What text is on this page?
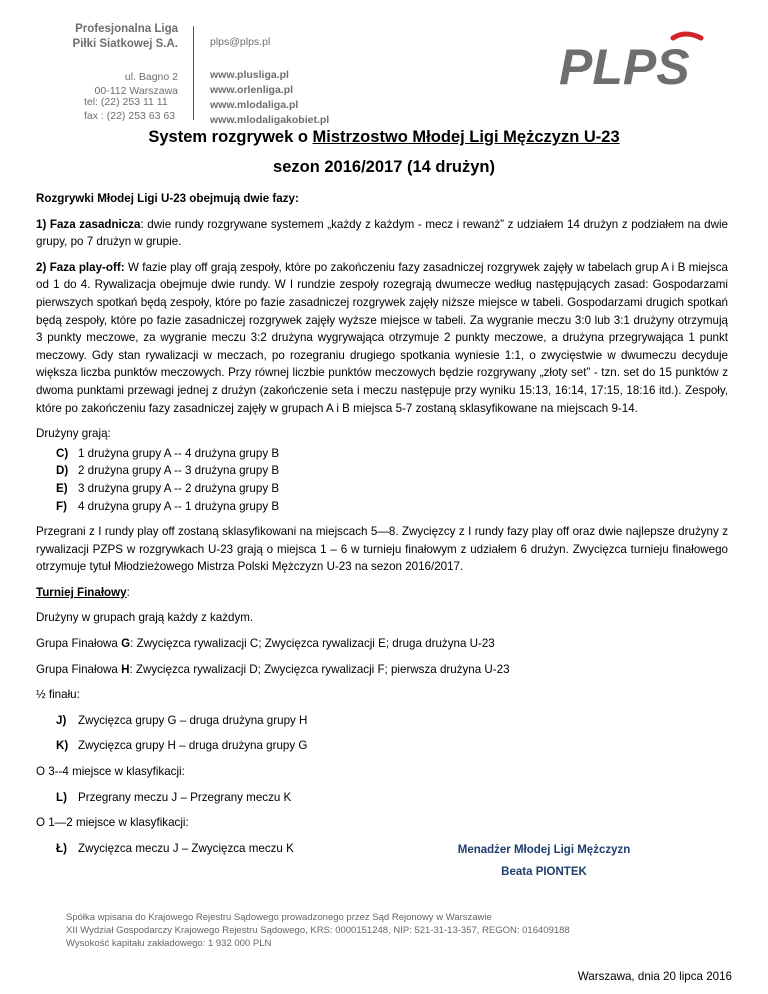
Profesjonalna Liga
Piłki Siatkowej S.A.
ul. Bagno 2
00-112 Warszawa
tel: (22) 253 11 11
fax : (22) 253 63 63
plps@plps.pl
www.plusliga.pl
www.orlenliga.pl
www.mlodaliga.pl
www.mlodaligakobiet.pl
PLPS
System rozgrywek o Mistrzostwo Młodej Ligi Mężczyzn U-23
sezon 2016/2017 (14 drużyn)

Rozgrywki Młodej Ligi U-23 obejmują dwie fazy:

1) Faza zasadnicza: dwie rundy rozgrywane systemem „każdy z każdym - mecz i rewanż” z udziałem 14 drużyn z podziałem na dwie grupy, po 7 drużyn w grupie.

2) Faza play-off: W fazie play off grają zespoły, które po zakończeniu fazy zasadniczej rozgrywek zajęły w tabelach grup A i B miejsca od 1 do 4. Rywalizacja obejmuje dwie rundy. W I rundzie zespoły rozegrają dwumecze według następujących zasad: Gospodarzami pierwszych spotkań będą zespoły, które po fazie zasadniczej rozgrywek zajęły niższe miejsce w tabeli. Gospodarzami drugich spotkań będą zespoły, które po fazie zasadniczej rozgrywek zajęły wyższe miejsce w tabeli. Za wygranie meczu 3:0 lub 3:1 drużyny otrzymują 3 punkty meczowe, za wygranie meczu 3:2 drużyna wygrywająca otrzymuje 2 punkty meczowe, a drużyna przegrywająca 1 punkt meczowy. Gdy stan rywalizacji w meczach, po rozegraniu drugiego spotkania wyniesie 1:1, o zwycięstwie w dwumeczu decyduje większa liczba punktów meczowych. Przy równej liczbie punktów meczowych będzie rozgrywany „złoty set” - tzn. set do 15 punktów z dwoma punktami przewagi jednej z drużyn (zakończenie seta i meczu następuje przy wyniku 15:13, 16:14, 17:15, 18:16 itd.). Zespoły, które po zakończeniu fazy zasadniczej zajęły w grupach A i B miejsca 5-7 zostaną sklasyfikowane na miejscach 9-14.

Drużyny grają:

C) 1 drużyna grupy A -- 4 drużyna grupy B
D) 2 drużyna grupy A -- 3 drużyna grupy B
E) 3 drużyna grupy A -- 2 drużyna grupy B
F) 4 drużyna grupy A -- 1 drużyna grupy B

Przegrani z I rundy play off zostaną sklasyfikowani na miejscach 5—8. Zwycięzcy z I rundy fazy play off oraz dwie najlepsze drużyny z rywalizacji PZPS w rozgrywkach U-23 grają o miejsca 1 – 6 w turnieju finałowym z udziałem 6 drużyn. Zwycięzca turnieju finałowego otrzymuje tytuł Młodzieżowego Mistrza Polski Mężczyzn U-23 na sezon 2016/2017.

Turniej Finałowy:

Drużyny w grupach grają każdy z każdym.

Grupa Finałowa G: Zwycięzca rywalizacji C; Zwycięzca rywalizacji E; druga drużyna U-23

Grupa Finałowa H: Zwycięzca rywalizacji D; Zwycięzca rywalizacji F; pierwsza drużyna U-23

½ finału:

J) Zwycięzca grupy G – druga drużyna grupy H
K) Zwycięzca grupy H – druga drużyna grupy G

O 3--4 miejsce w klasyfikacji:

L) Przegrany meczu J – Przegrany meczu K

O 1—2 miejsce w klasyfikacji:

Ł) Zwycięzca meczu J – Zwycięzca meczu K	Menadżer Młodej Ligi Mężczyzn
Beata PIONTEK
Spółka wpisana do Krajowego Rejestru Sądowego prowadzonego przez Sąd Rejonowy w Warszawie
XII Wydział Gospodarczy Krajowego Rejestru Sądowego, KRS: 0000151248, NIP: 521-31-13-357, REGON: 016409188
Wysokość kapitału zakładowego: 1 932 000 PLN
Warszawa, dnia 20 lipca 2016
